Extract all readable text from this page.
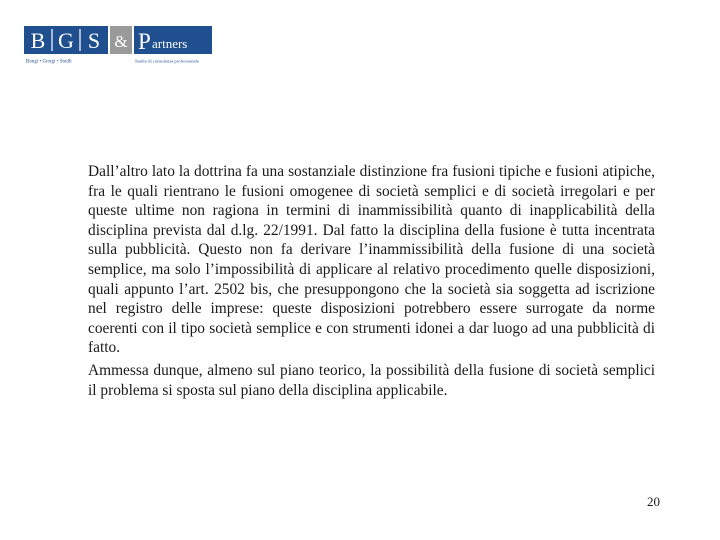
B G S & P artners
Bongi • Giorgi • Studli	Studio di consulenza professionale

Dall’altro lato la dottrina fa una sostanziale distinzione fra fusioni tipiche e fusioni atipiche, fra le quali rientrano le fusioni omogenee di società semplici e di società irregolari e per queste ultime non ragiona in termini di inammissibilità quanto di inapplicabilità della disciplina prevista dal d.lg. 22/1991. Dal fatto la disciplina della fusione è tutta incentrata sulla pubblicità. Questo non fa derivare l’inammissibilità della fusione di una società semplice, ma solo l’impossibilità di applicare al relativo procedimento quelle disposizioni, quali appunto l’art. 2502 bis, che presuppongono che la società sia soggetta ad iscrizione nel registro delle imprese: queste disposizioni potrebbero essere surrogate da norme coerenti con il tipo società semplice e con strumenti idonei a dar luogo ad una pubblicità di fatto.

Ammessa dunque, almeno sul piano teorico, la possibilità della fusione di società semplici il problema si sposta sul piano della disciplina applicabile.

20
